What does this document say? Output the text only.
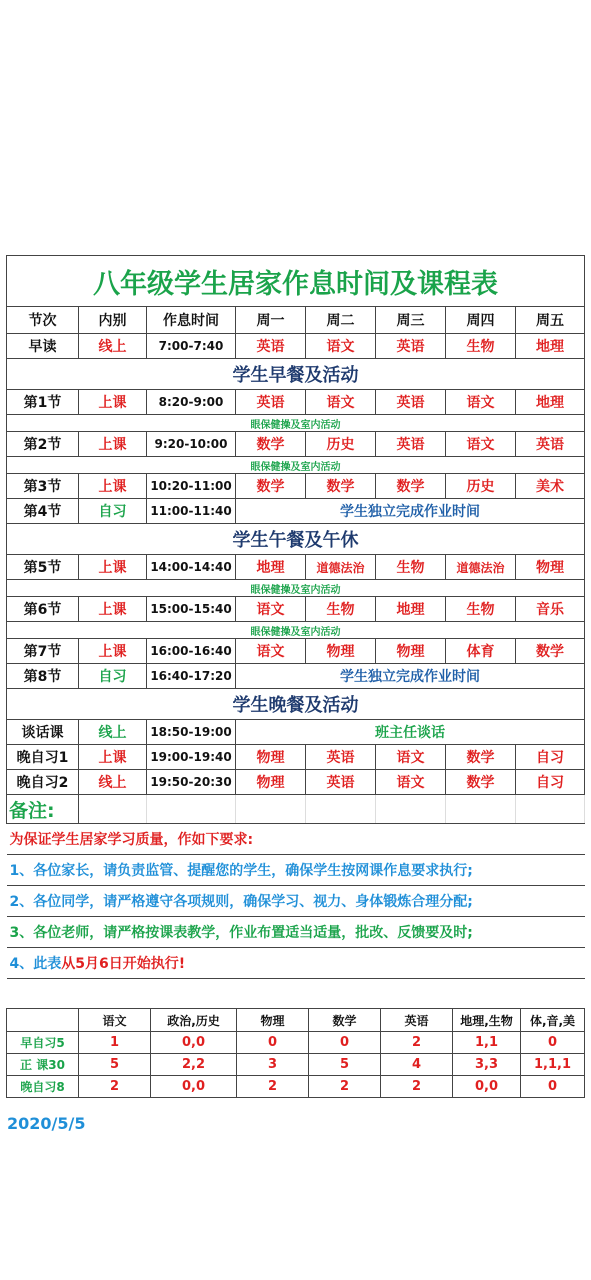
八年级学生居家作息时间及课程表							
节次	内别	作息时间	周一	周二	周三	周四	周五
早读	线上	7:00-7:40	英语	语文	英语	生物	地理
学生早餐及活动							
第1节	上课	8:20-9:00	英语	语文	英语	语文	地理
眼保健操及室内活动							
第2节	上课	9:20-10:00	数学	历史	英语	语文	英语
眼保健操及室内活动							
第3节	上课	10:20-11:00	数学	数学	数学	历史	美术
第4节	自习	11:00-11:40	学生独立完成作业时间				
学生午餐及午休							
第5节	上课	14:00-14:40	地理	道德法治	生物	道德法治	物理
眼保健操及室内活动							
第6节	上课	15:00-15:40	语文	生物	地理	生物	音乐
眼保健操及室内活动							
第7节	上课	16:00-16:40	语文	物理	物理	体育	数学
第8节	自习	16:40-17:20	学生独立完成作业时间				
学生晚餐及活动							
谈话课	线上	18:50-19:00	班主任谈话				
晚自习1	上课	19:00-19:40	物理	英语	语文	数学	自习
晚自习2	线上	19:50-20:30	物理	英语	语文	数学	自习
备注:							
为保证学生居家学习质量，作如下要求:							
1、各位家长，请负责监管、提醒您的学生，确保学生按网课作息要求执行;							
2、各位同学，请严格遵守各项规则，确保学习、视力、身体锻炼合理分配;							
3、各位老师，请严格按课表教学，作业布置适当适量，批改、反馈要及时;							
4、此表从5月6日开始执行!							
	语文	政治,历史	物理	数学	英语	地理,生物	体,音,美
早自习5	1	0,0	0	0	2	1,1	0
正 课30	5	2,2	3	5	4	3,3	1,1,1
晚自习8	2	0,0	2	2	2	0,0	0
2020/5/5
